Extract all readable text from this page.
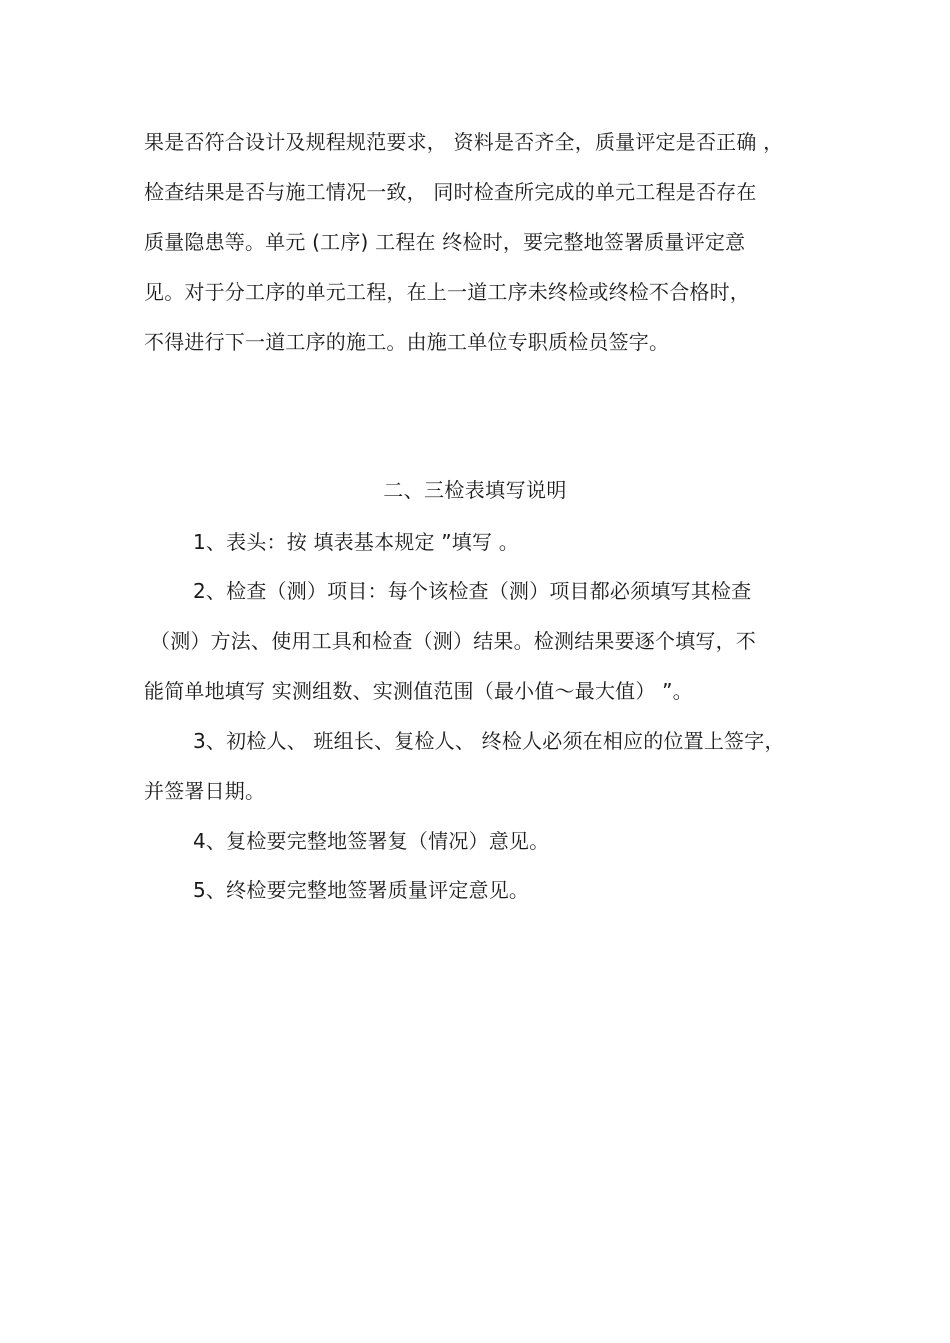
果是否符合设计及规程规范要求， 资料是否齐全，质量评定是否正确 ，
检查结果是否与施工情况一致， 同时检查所完成的单元工程是否存在
质量隐患等。单元 (工序) 工程在 终检时，要完整地签署质量评定意
见。对于分工序的单元工程，在上一道工序未终检或终检不合格时，
不得进行下一道工序的施工。由施工单位专职质检员签字。
二、三检表填写说明
1、表头：按 填表基本规定 ”填写 。
2、检查（测）项目：每个该检查（测）项目都必须填写其检查
（测）方法、使用工具和检查（测）结果。检测结果要逐个填写，不
能简单地填写 实测组数、实测值范围（最小值～最大值） ”。
3、初检人、 班组长、复检人、 终检人必须在相应的位置上签字，
并签署日期。
4、复检要完整地签署复（情况）意见。
5、终检要完整地签署质量评定意见。
